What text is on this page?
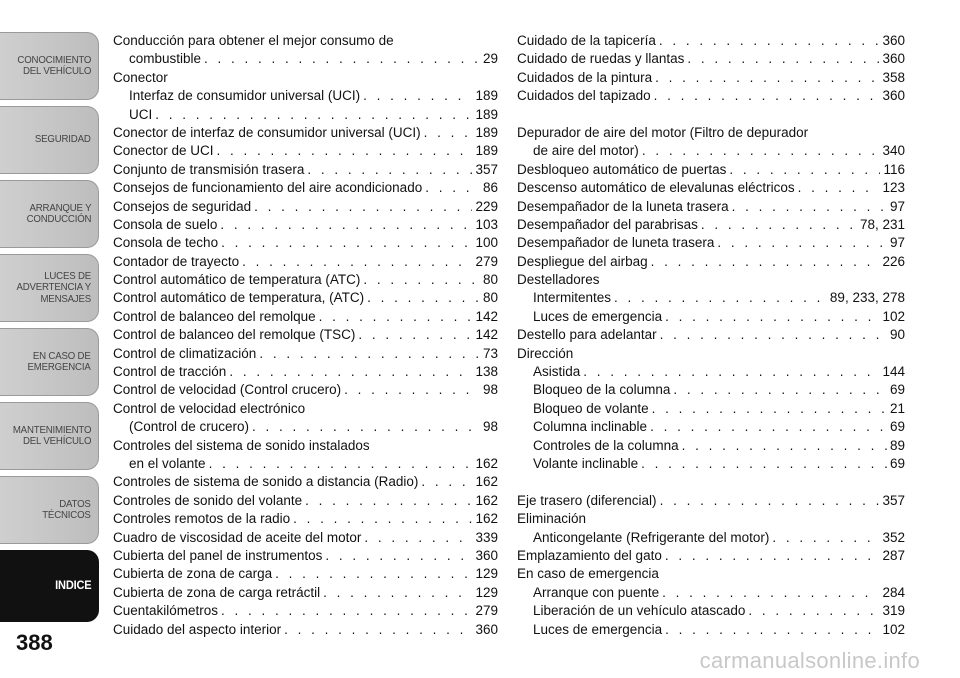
CONOCIMIENTO
DEL VEHÍCULO
SEGURIDAD
ARRANQUE Y
CONDUCCIÓN
LUCES DE
ADVERTENCIA Y
MENSAJES
EN CASO DE
EMERGENCIA
MANTENIMIENTO
DEL VEHÍCULO
DATOS
TÉCNICOS
INDICE
388
Conducción para obtener el mejor consumo de
combustible . . .	29
Conector
Interfaz de consumidor universal (UCI) . . .	189
UCI . . .	189
Conector de interfaz de consumidor universal (UCI) . . .	189
Conector de UCI . . .	189
Conjunto de transmisión trasera . . .	357
Consejos de funcionamiento del aire acondicionado . . .	86
Consejos de seguridad . . .	229
Consola de suelo . . .	103
Consola de techo . . .	100
Contador de trayecto . . .	279
Control automático de temperatura (ATC) . . .	80
Control automático de temperatura, (ATC) . . .	80
Control de balanceo del remolque . . .	142
Control de balanceo del remolque (TSC) . . .	142
Control de climatización . . .	73
Control de tracción . . .	138
Control de velocidad (Control crucero) . . .	98
Control de velocidad electrónico
(Control de crucero) . . .	98
Controles del sistema de sonido instalados
en el volante . . .	162
Controles de sistema de sonido a distancia (Radio) . . .	162
Controles de sonido del volante . . .	162
Controles remotos de la radio . . .	162
Cuadro de viscosidad de aceite del motor . . .	339
Cubierta del panel de instrumentos . . .	360
Cubierta de zona de carga . . .	129
Cubierta de zona de carga retráctil . . .	129
Cuentakilómetros . . .	279
Cuidado del aspecto interior . . .	360
Cuidado de la tapicería . . .	360
Cuidado de ruedas y llantas . . .	360
Cuidados de la pintura . . .	358
Cuidados del tapizado . . .	360
Depurador de aire del motor (Filtro de depurador
de aire del motor) . . .	340
Desbloqueo automático de puertas . . .	116
Descenso automático de elevalunas eléctricos . . .	123
Desempañador de la luneta trasera . . .	97
Desempañador del parabrisas . . .	78, 231
Desempañador de luneta trasera . . .	97
Despliegue del airbag . . .	226
Destelladores
Intermitentes . . .	89, 233, 278
Luces de emergencia . . .	102
Destello para adelantar . . .	90
Dirección
Asistida . . .	144
Bloqueo de la columna . . .	69
Bloqueo de volante . . .	21
Columna inclinable . . .	69
Controles de la columna . . .	89
Volante inclinable . . .	69
Eje trasero (diferencial) . . .	357
Eliminación
Anticongelante (Refrigerante del motor) . . .	352
Emplazamiento del gato . . .	287
En caso de emergencia
Arranque con puente . . .	284
Liberación de un vehículo atascado . . .	319
Luces de emergencia . . .	102
carmanualsonline.info
